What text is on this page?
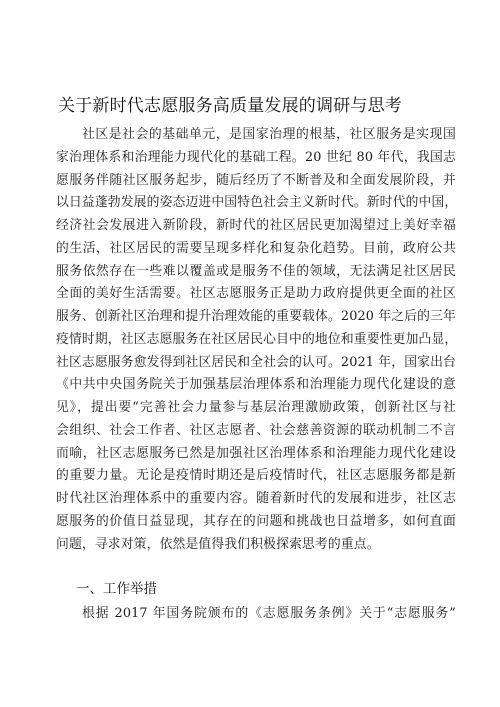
关于新时代志愿服务高质量发展的调研与思考
社区是社会的基础单元，是国家治理的根基，社区服务是实现国
家治理体系和治理能力现代化的基础工程。20 世纪 80 年代，我国志
愿服务伴随社区服务起步，随后经历了不断普及和全面发展阶段，并
以日益蓬勃发展的姿态迈进中国特色社会主义新时代。新时代的中国，
经济社会发展进入新阶段，新时代的社区居民更加渴望过上美好幸福
的生活，社区居民的需要呈现多样化和复杂化趋势。目前，政府公共
服务依然存在一些难以覆盖或是服务不佳的领域，无法满足社区居民
全面的美好生活需要。社区志愿服务正是助力政府提供更全面的社区
服务、创新社区治理和提升治理效能的重要载体。2020 年之后的三年
疫情时期，社区志愿服务在社区居民心目中的地位和重要性更加凸显，
社区志愿服务愈发得到社区居民和全社会的认可。2021 年，国家出台
《中共中央国务院关于加强基层治理体系和治理能力现代化建设的意
见》，提出要“完善社会力量参与基层治理激励政策，创新社区与社
会组织、社会工作者、社区志愿者、社会慈善资源的联动机制二不言
而喻，社区志愿服务已然是加强社区治理体系和治理能力现代化建设
的重要力量。无论是疫情时期还是后疫情时代，社区志愿服务都是新
时代社区治理体系中的重要内容。随着新时代的发展和进步，社区志
愿服务的价值日益显现，其存在的问题和挑战也日益增多，如何直面
问题，寻求对策，依然是值得我们积极探索思考的重点。
一、工作举措
根据 2017 年国务院颁布的《志愿服务条例》关于“志愿服务”
